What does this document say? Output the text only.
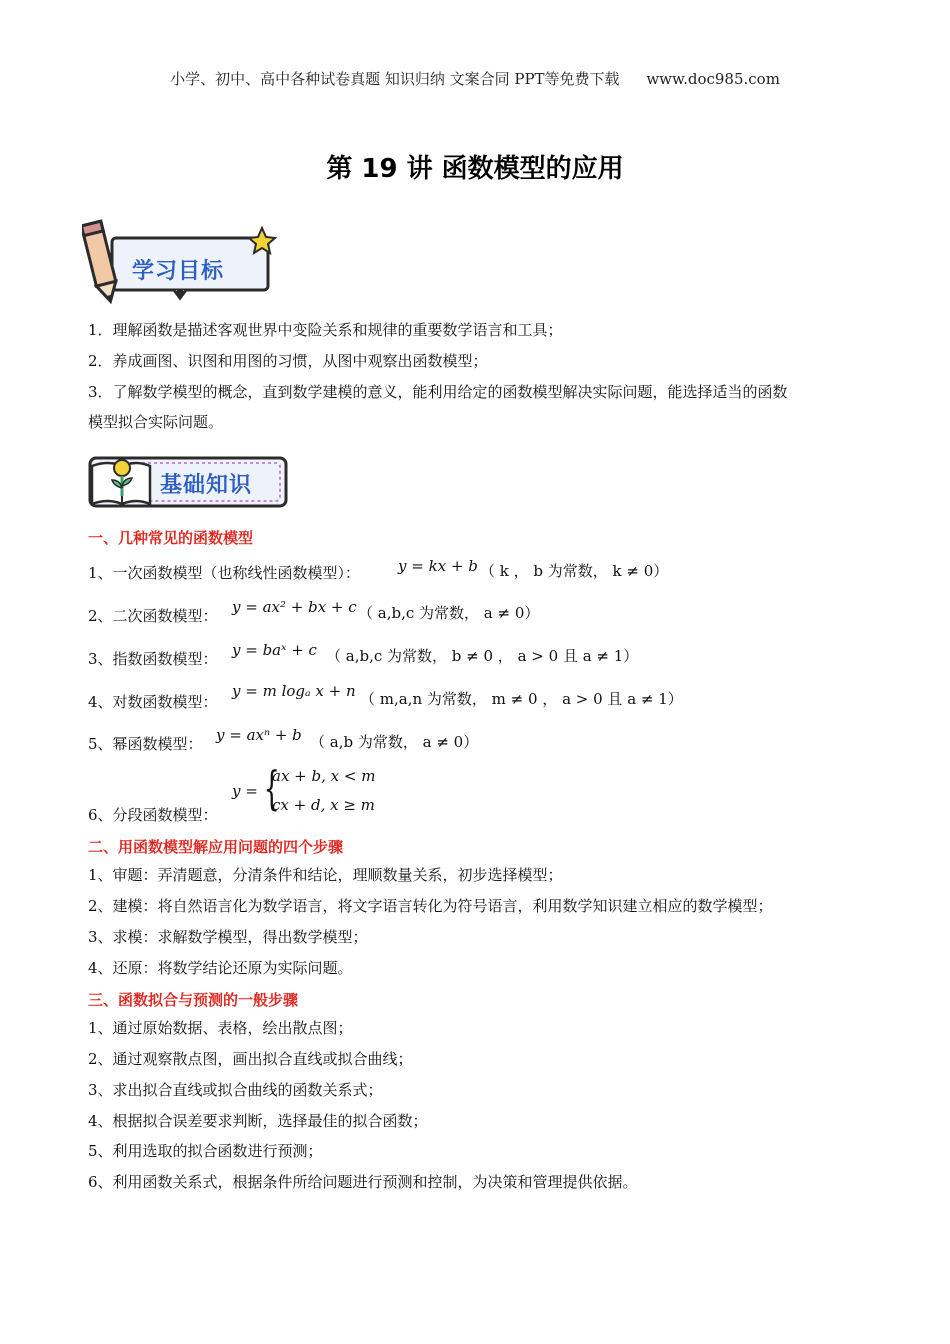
小学、初中、高中各种试卷真题 知识归纳 文案合同 PPT等免费下载 www.doc985.com
第 19 讲 函数模型的应用
学习目标
1．理解函数是描述客观世界中变险关系和规律的重要数学语言和工具；
2．养成画图、识图和用图的习惯，从图中观察出函数模型；
3．了解数学模型的概念，直到数学建模的意义，能利用给定的函数模型解决实际问题，能选择适当的函数
模型拟合实际问题。
基础知识
一、几种常见的函数模型
1、一次函数模型（也称线性函数模型）：	y = kx + b （ k ， b 为常数， k ≠ 0）
2、二次函数模型： y = ax² + bx + c （ a,b,c 为常数， a ≠ 0）
3、指数函数模型： y = baˣ + c （ a,b,c 为常数， b ≠ 0 ， a > 0 且 a ≠ 1）
4、对数函数模型：
y = m logₐ x + n （ m,a,n 为常数， m ≠ 0 ， a > 0 且 a ≠ 1）
5、幂函数模型： y = axⁿ + b （ a,b 为常数， a ≠ 0）
6、分段函数模型：
y = {
ax + b, x < m
cx + d, x ≥ m
二、用函数模型解应用问题的四个步骤
1、审题：弄清题意，分清条件和结论，理顺数量关系，初步选择模型；
2、建模：将自然语言化为数学语言，将文字语言转化为符号语言，利用数学知识建立相应的数学模型；
3、求模：求解数学模型，得出数学模型；
4、还原：将数学结论还原为实际问题。
三、函数拟合与预测的一般步骤
1、通过原始数据、表格，绘出散点图；
2、通过观察散点图，画出拟合直线或拟合曲线；
3、求出拟合直线或拟合曲线的函数关系式；
4、根据拟合误差要求判断，选择最佳的拟合函数；
5、利用选取的拟合函数进行预测；
6、利用函数关系式，根据条件所给问题进行预测和控制，为决策和管理提供依据。
